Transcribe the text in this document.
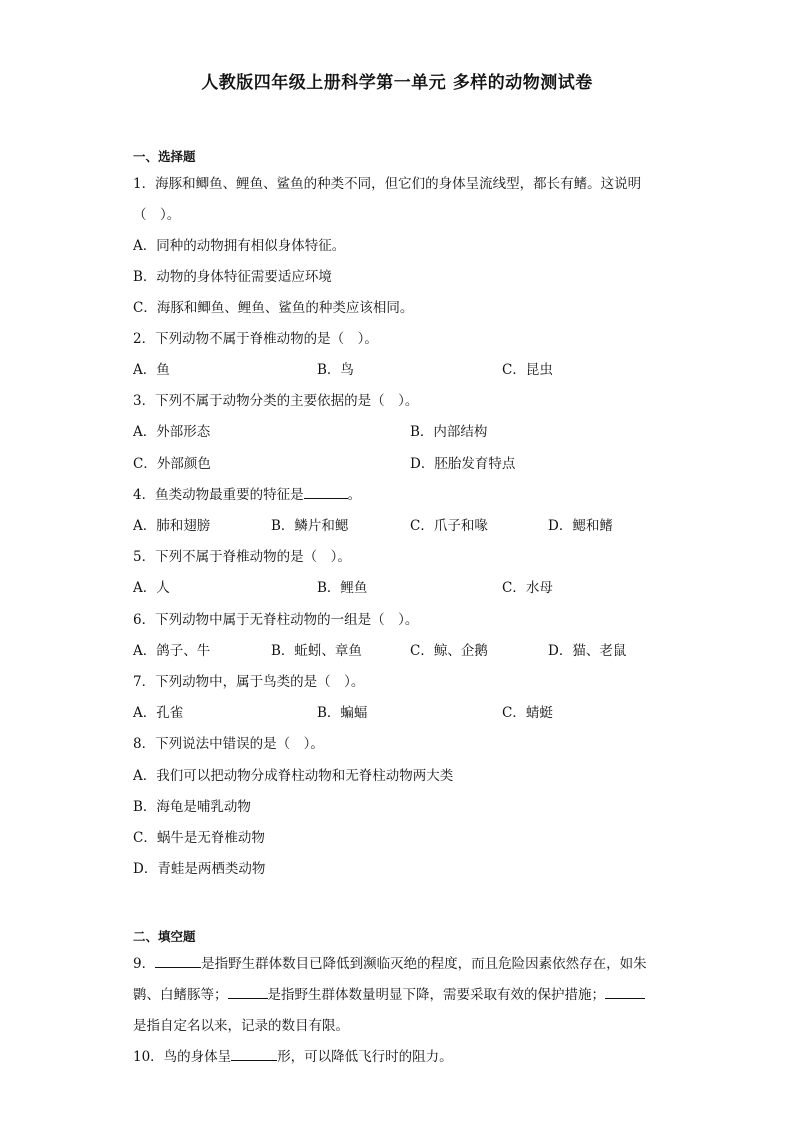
人教版四年级上册科学第一单元 多样的动物测试卷
一、选择题
1．海豚和鲫鱼、鲤鱼、鲨鱼的种类不同，但它们的身体呈流线型，都长有鳍。这说明
（　）。
A．同种的动物拥有相似身体特征。
B．动物的身体特征需要适应环境
C．海豚和鲫鱼、鲤鱼、鲨鱼的种类应该相同。
2．下列动物不属于脊椎动物的是（　）。
A．鱼	B．鸟	C．昆虫
3．下列不属于动物分类的主要依据的是（　）。
A．外部形态	B．内部结构
C．外部颜色	D．胚胎发育特点
4．鱼类动物最重要的特征是	。
A．肺和翅膀	B．鳞片和鳃	C．爪子和喙	D．鳃和鳍
5．下列不属于脊椎动物的是（　）。
A．人	B．鲤鱼	C．水母
6．下列动物中属于无脊柱动物的一组是（　）。
A．鸽子、牛	B．蚯蚓、章鱼	C．鲸、企鹅	D．猫、老鼠
7．下列动物中，属于鸟类的是（　）。
A．孔雀	B．蝙蝠	C．蜻蜓
8．下列说法中错误的是（　）。
A．我们可以把动物分成脊柱动物和无脊柱动物两大类
B．海龟是哺乳动物
C．蜗牛是无脊椎动物
D．青蛙是两栖类动物
二、填空题
9．	是指野生群体数目已降低到濒临灭绝的程度，而且危险因素依然存在，如朱
鹮、白鳍豚等；	是指野生群体数量明显下降，需要采取有效的保护措施；
是指自定名以来，记录的数目有限。
10．鸟的身体呈	形，可以降低飞行时的阻力。
